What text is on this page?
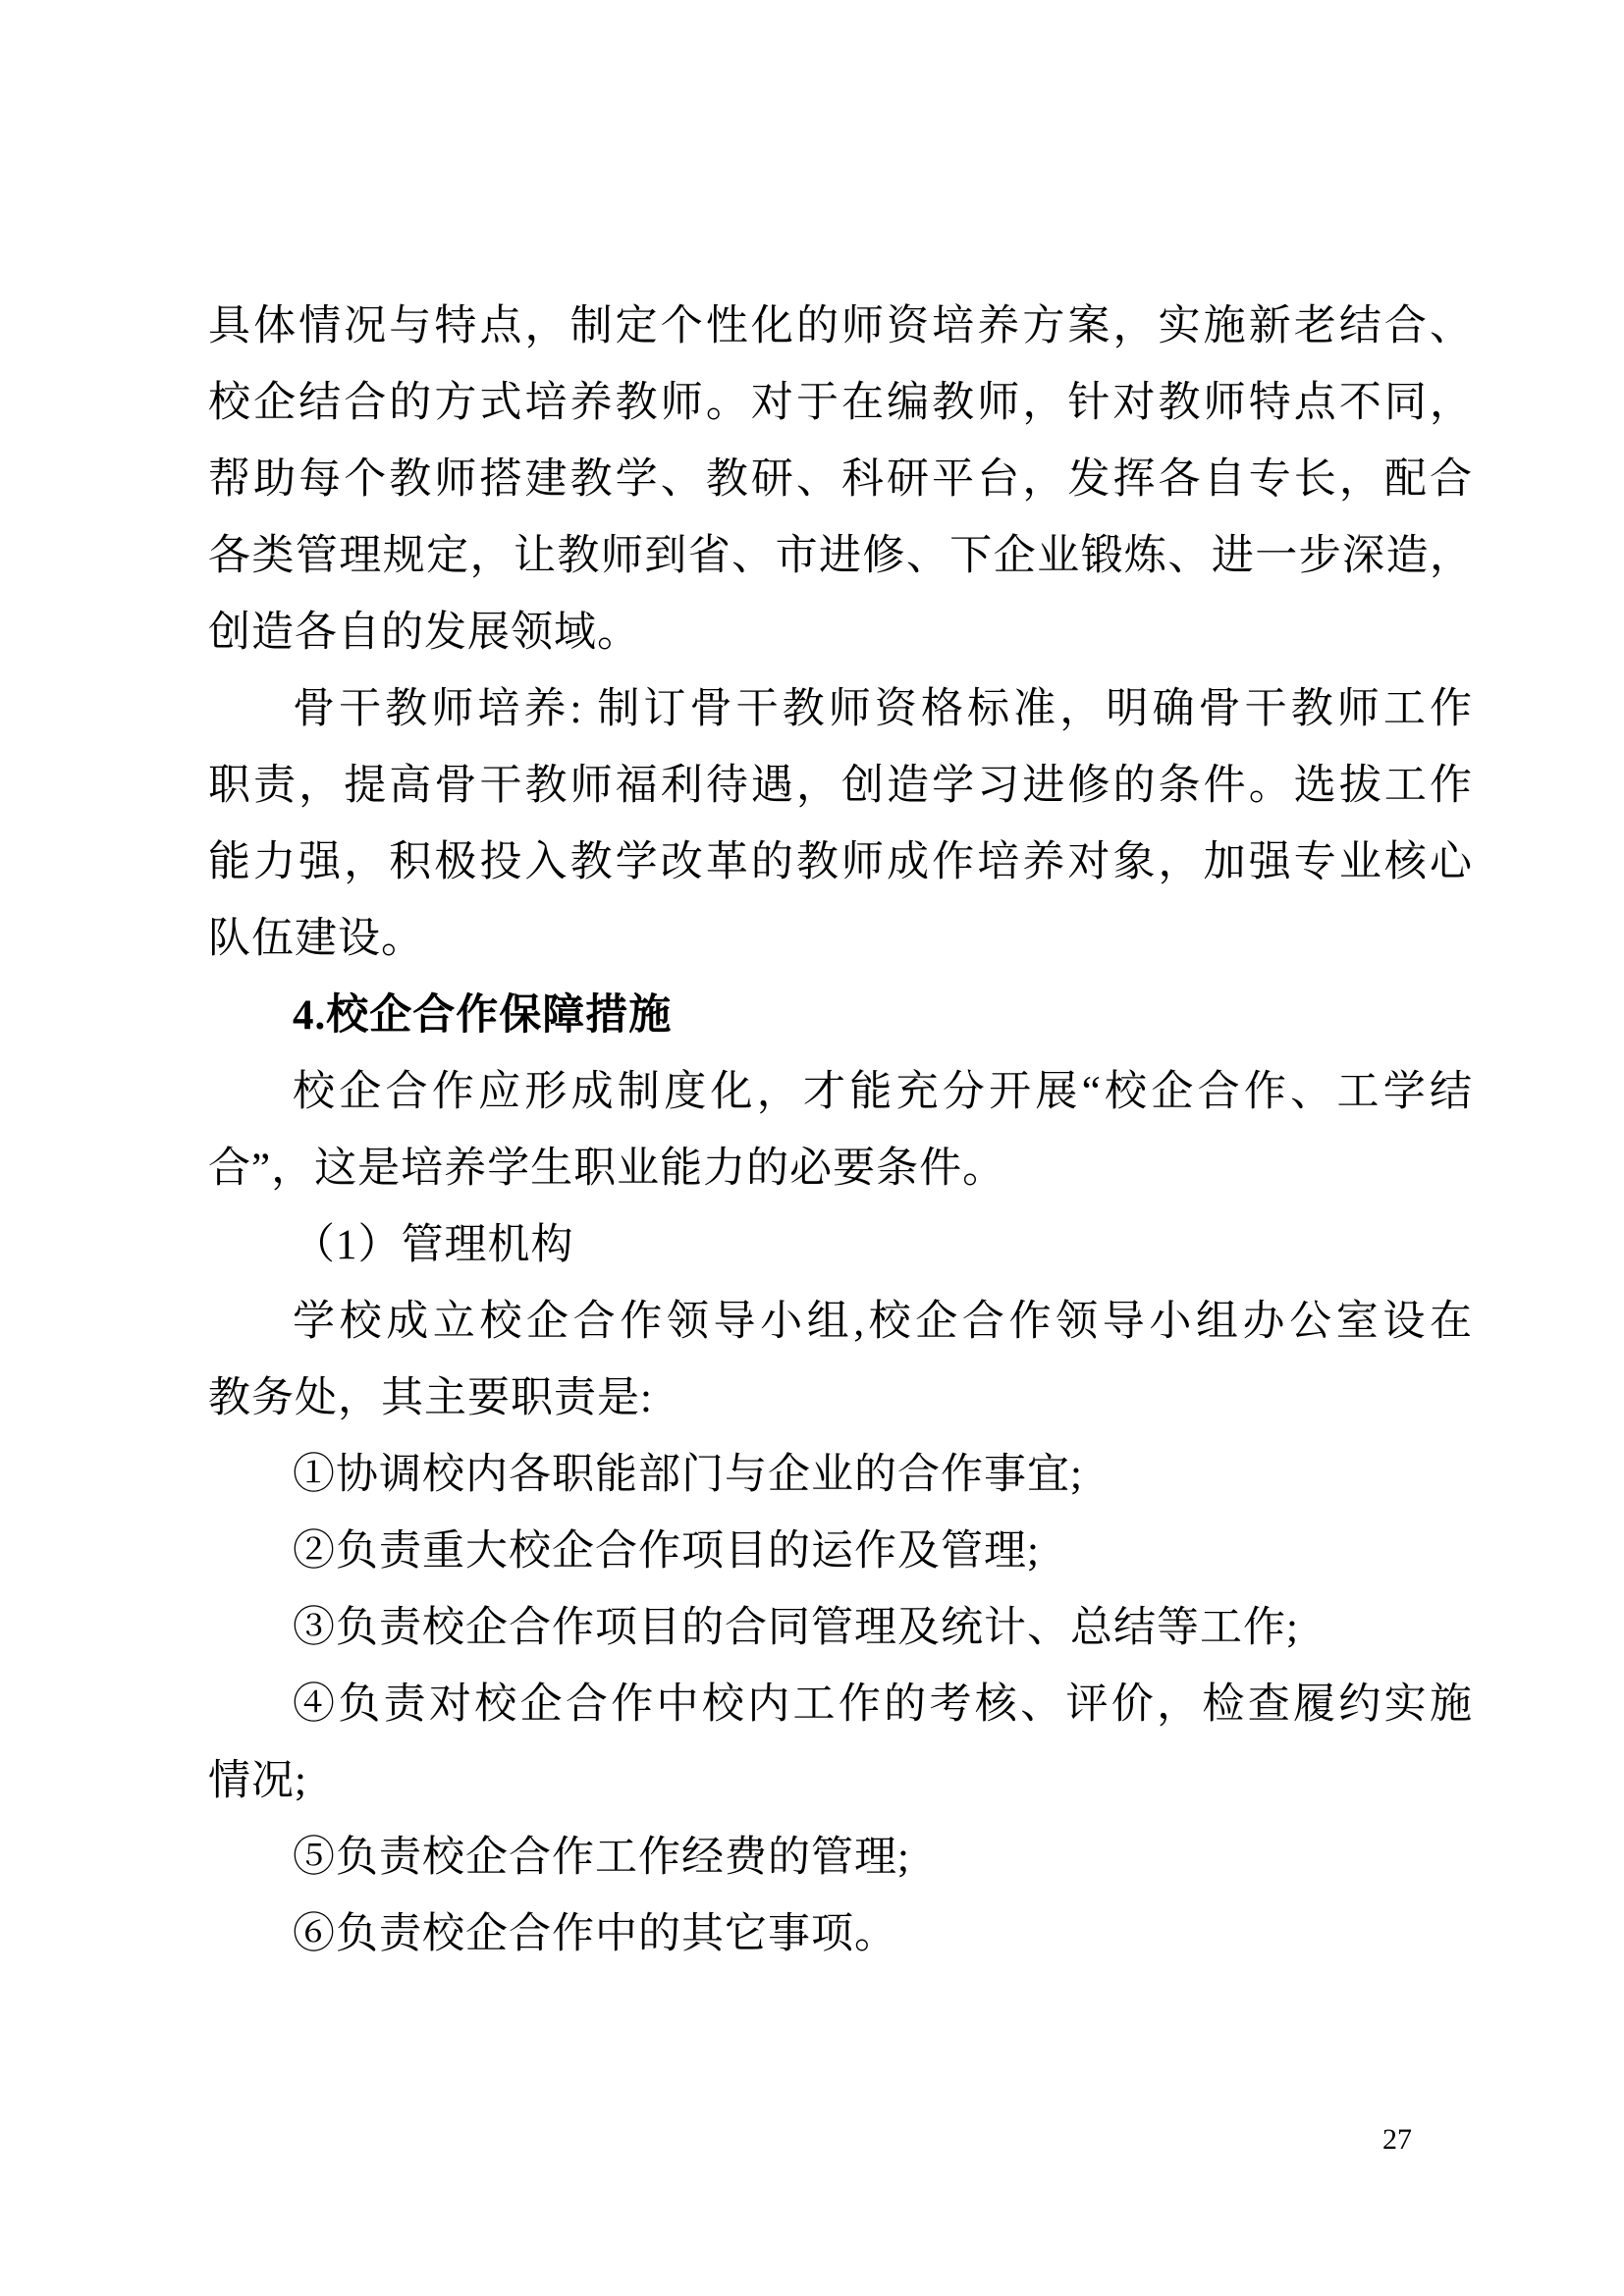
具体情况与特点，制定个性化的师资培养方案，实施新老结合、
校企结合的方式培养教师。对于在编教师，针对教师特点不同，
帮助每个教师搭建教学、教研、科研平台，发挥各自专长，配合
各类管理规定，让教师到省、市进修、下企业锻炼、进一步深造，
创造各自的发展领域。
骨干教师培养: 制订骨干教师资格标准，明确骨干教师工作
职责，提高骨干教师福利待遇，创造学习进修的条件。选拔工作
能力强，积极投入教学改革的教师成作培养对象，加强专业核心
队伍建设。
4.校企合作保障措施
校企合作应形成制度化，才能充分开展“校企合作、工学结
合”，这是培养学生职业能力的必要条件。
（1）管理机构
学校成立校企合作领导小组,校企合作领导小组办公室设在
教务处，其主要职责是:
①协调校内各职能部门与企业的合作事宜;
②负责重大校企合作项目的运作及管理;
③负责校企合作项目的合同管理及统计、总结等工作;
④负责对校企合作中校内工作的考核、评价，检查履约实施
情况;
⑤负责校企合作工作经费的管理;
⑥负责校企合作中的其它事项。
27
